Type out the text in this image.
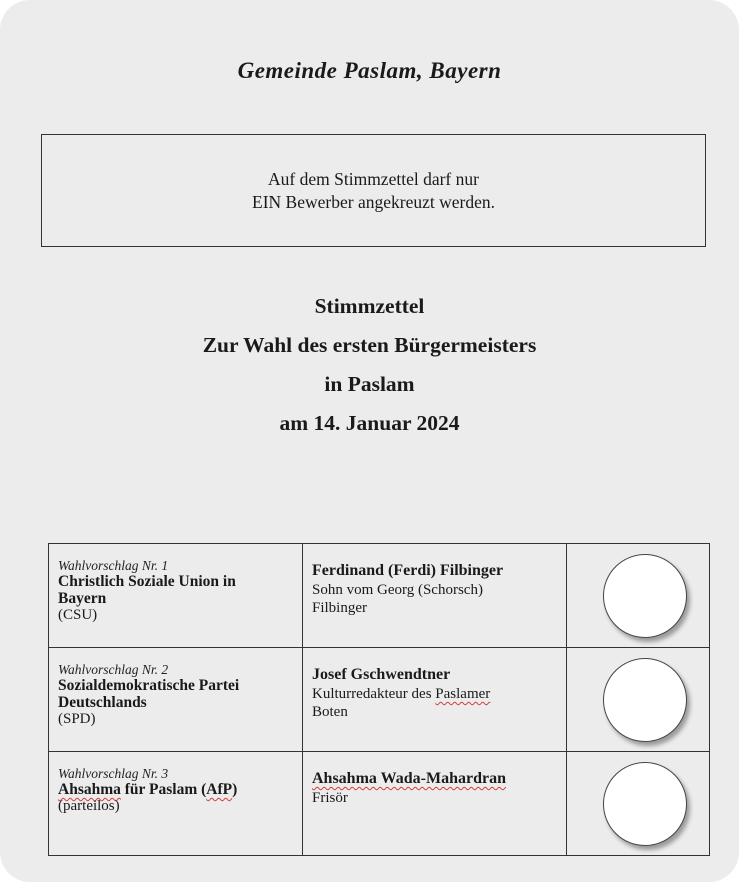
Gemeinde Paslam, Bayern
Auf dem Stimmzettel darf nur
EIN Bewerber angekreuzt werden.
Stimmzettel
Zur Wahl des ersten Bürgermeisters
in Paslam
am 14. Januar 2024
Wahlvorschlag Nr. 1
Christlich Soziale Union in
Bayern
(CSU)	Ferdinand (Ferdi) Filbinger
Sohn vom Georg (Schorsch)
Filbinger	

Wahlvorschlag Nr. 2
Sozialdemokratische Partei
Deutschlands
(SPD)	Josef Gschwendtner
Kulturredakteur des Paslamer
Boten	

Wahlvorschlag Nr. 3
Ahsahma für Paslam (AfP)
(parteilos)	Ahsahma Wada-Mahardran
Frisör	
